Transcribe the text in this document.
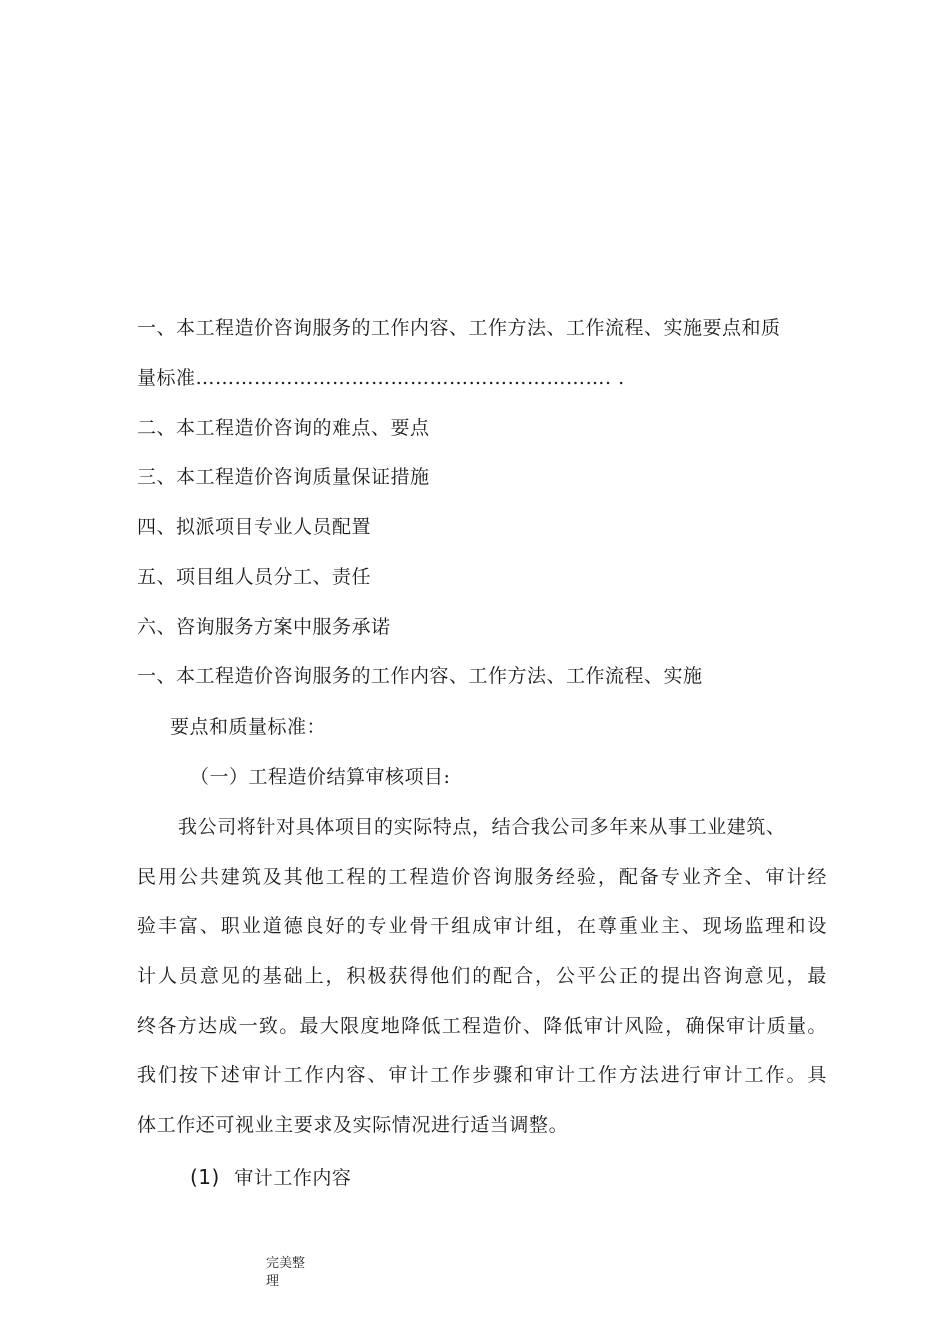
一、本工程造价咨询服务的工作内容、工作方法、工作流程、实施要点和质
量标准………………………………………………………. .
二、本工程造价咨询的难点、要点
三、本工程造价咨询质量保证措施
四、拟派项目专业人员配置
五、项目组人员分工、责任
六、咨询服务方案中服务承诺
一、本工程造价咨询服务的工作内容、工作方法、工作流程、实施
要点和质量标准：
（一）工程造价结算审核项目:
我公司将针对具体项目的实际特点，结合我公司多年来从事工业建筑、
民用公共建筑及其他工程的工程造价咨询服务经验，配备专业齐全、审计经
验丰富、职业道德良好的专业骨干组成审计组，在尊重业主、现场监理和设
计人员意见的基础上，积极获得他们的配合，公平公正的提出咨询意见，最
终各方达成一致。最大限度地降低工程造价、降低审计风险，确保审计质量。
我们按下述审计工作内容、审计工作步骤和审计工作方法进行审计工作。具
体工作还可视业主要求及实际情况进行适当调整。
(1) 审计工作内容
完美整理
